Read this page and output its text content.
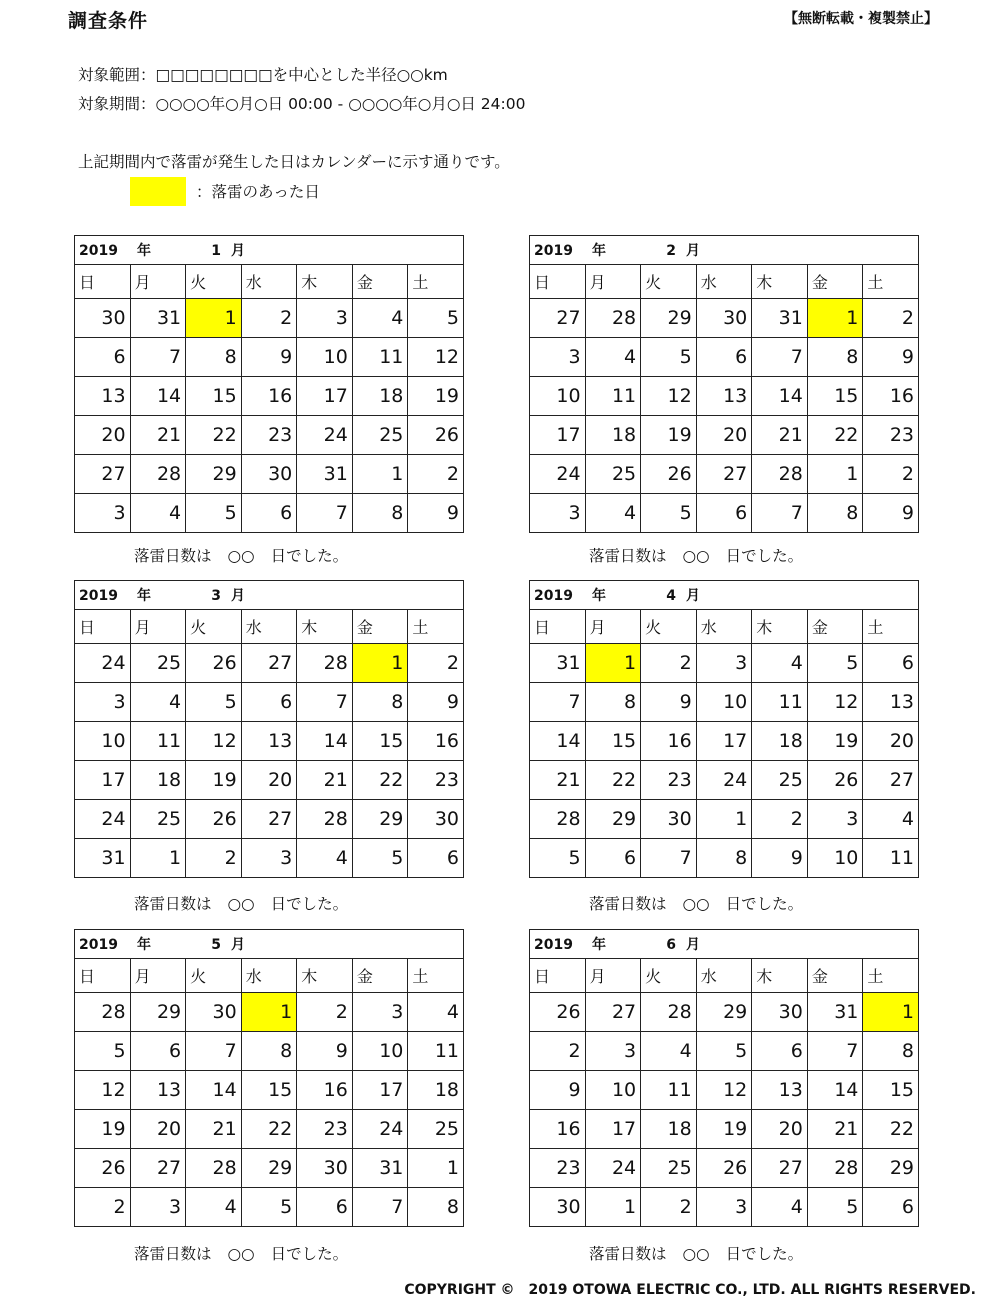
調査条件	【無断転載・複製禁止】
対象範囲：□□□□□□□□を中心とした半径○○km
対象期間：○○○○年○月○日 00:00 - ○○○○年○月○日 24:00
上記期間内で落雷が発生した日はカレンダーに示す通りです。
：落雷のあった日
2019 年 1 月						
日	月	火	水	木	金	土
30	31	1	2	3	4	5
6	7	8	9	10	11	12
13	14	15	16	17	18	19
20	21	22	23	24	25	26
27	28	29	30	31	1	2
3	4	5	6	7	8	9
落雷日数は ○○ 日でした。
2019 年 2 月						
日	月	火	水	木	金	土
27	28	29	30	31	1	2
3	4	5	6	7	8	9
10	11	12	13	14	15	16
17	18	19	20	21	22	23
24	25	26	27	28	1	2
3	4	5	6	7	8	9
落雷日数は ○○ 日でした。
2019 年 3 月						
日	月	火	水	木	金	土
24	25	26	27	28	1	2
3	4	5	6	7	8	9
10	11	12	13	14	15	16
17	18	19	20	21	22	23
24	25	26	27	28	29	30
31	1	2	3	4	5	6
落雷日数は ○○ 日でした。
2019 年 4 月						
日	月	火	水	木	金	土
31	1	2	3	4	5	6
7	8	9	10	11	12	13
14	15	16	17	18	19	20
21	22	23	24	25	26	27
28	29	30	1	2	3	4
5	6	7	8	9	10	11
落雷日数は ○○ 日でした。
2019 年 5 月						
日	月	火	水	木	金	土
28	29	30	1	2	3	4
5	6	7	8	9	10	11
12	13	14	15	16	17	18
19	20	21	22	23	24	25
26	27	28	29	30	31	1
2	3	4	5	6	7	8
落雷日数は ○○ 日でした。
2019 年 6 月						
日	月	火	水	木	金	土
26	27	28	29	30	31	1
2	3	4	5	6	7	8
9	10	11	12	13	14	15
16	17	18	19	20	21	22
23	24	25	26	27	28	29
30	1	2	3	4	5	6
落雷日数は ○○ 日でした。
COPYRIGHT ©　2019 OTOWA ELECTRIC CO., LTD. ALL RIGHTS RESERVED.
